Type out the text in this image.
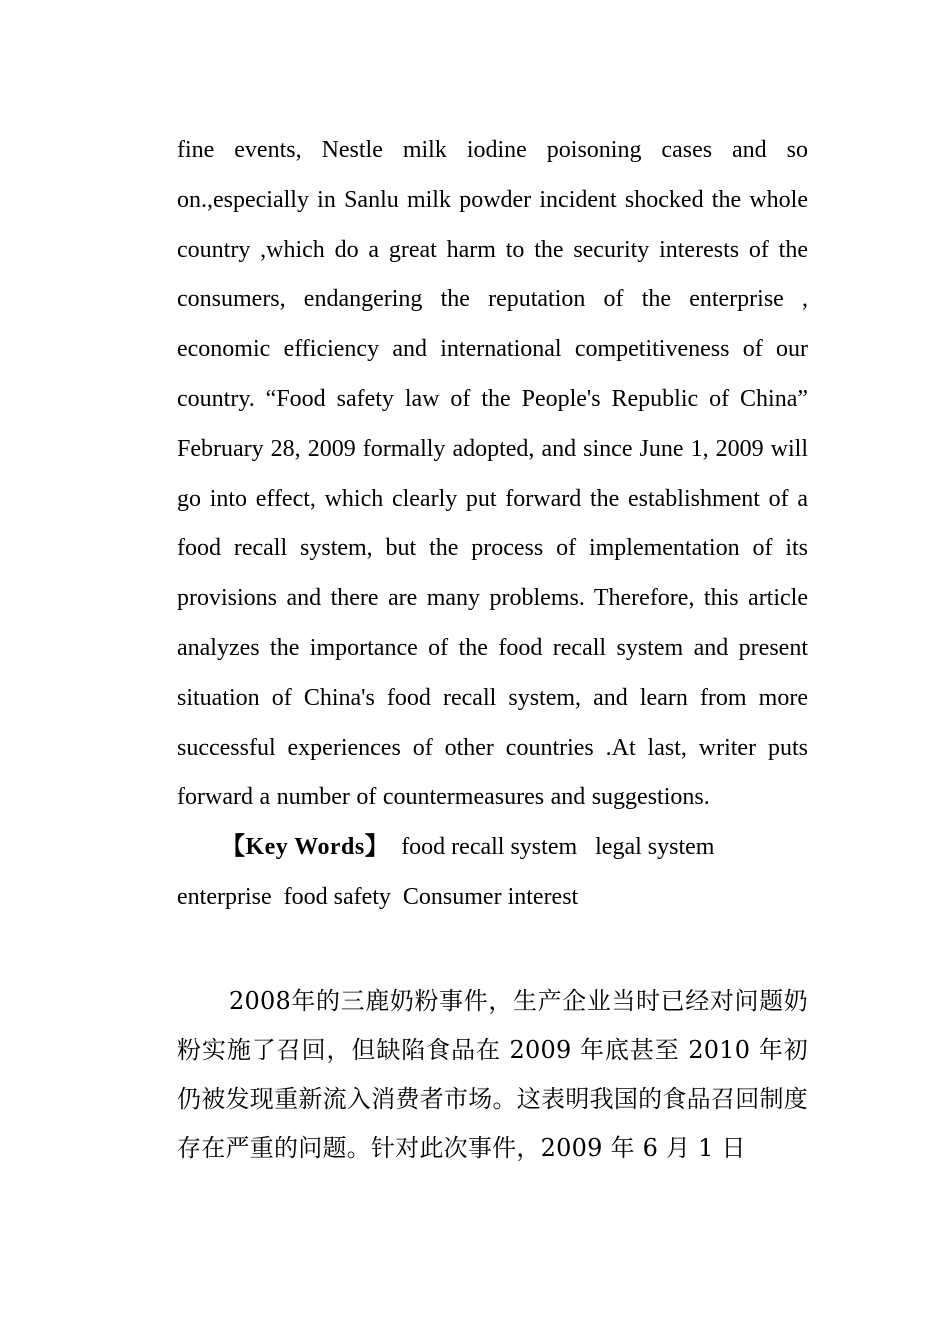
fine events, Nestle milk iodine poisoning cases and so on.,especially in Sanlu milk powder incident shocked the whole country ,which do a great harm to the security interests of the consumers, endangering the reputation of the enterprise , economic efficiency and international competitiveness of our country. “Food safety law of the People's Republic of China” February 28, 2009 formally adopted, and since June 1, 2009 will go into effect, which clearly put forward the establishment of a food recall system, but the process of implementation of its provisions and there are many problems. Therefore, this article analyzes the importance of the food recall system and present situation of China's food recall system, and learn from more successful experiences of other countries .At last, writer puts forward a number of countermeasures and suggestions.

【Key Words】  food recall system   legal system enterprise  food safety  Consumer interest

2008年的三鹿奶粉事件，生产企业当时已经对问题奶粉实施了召回，但缺陷食品在 2009 年底甚至 2010 年初仍被发现重新流入消费者市场。这表明我国的食品召回制度存在严重的问题。针对此次事件，2009 年 6 月 1 日
